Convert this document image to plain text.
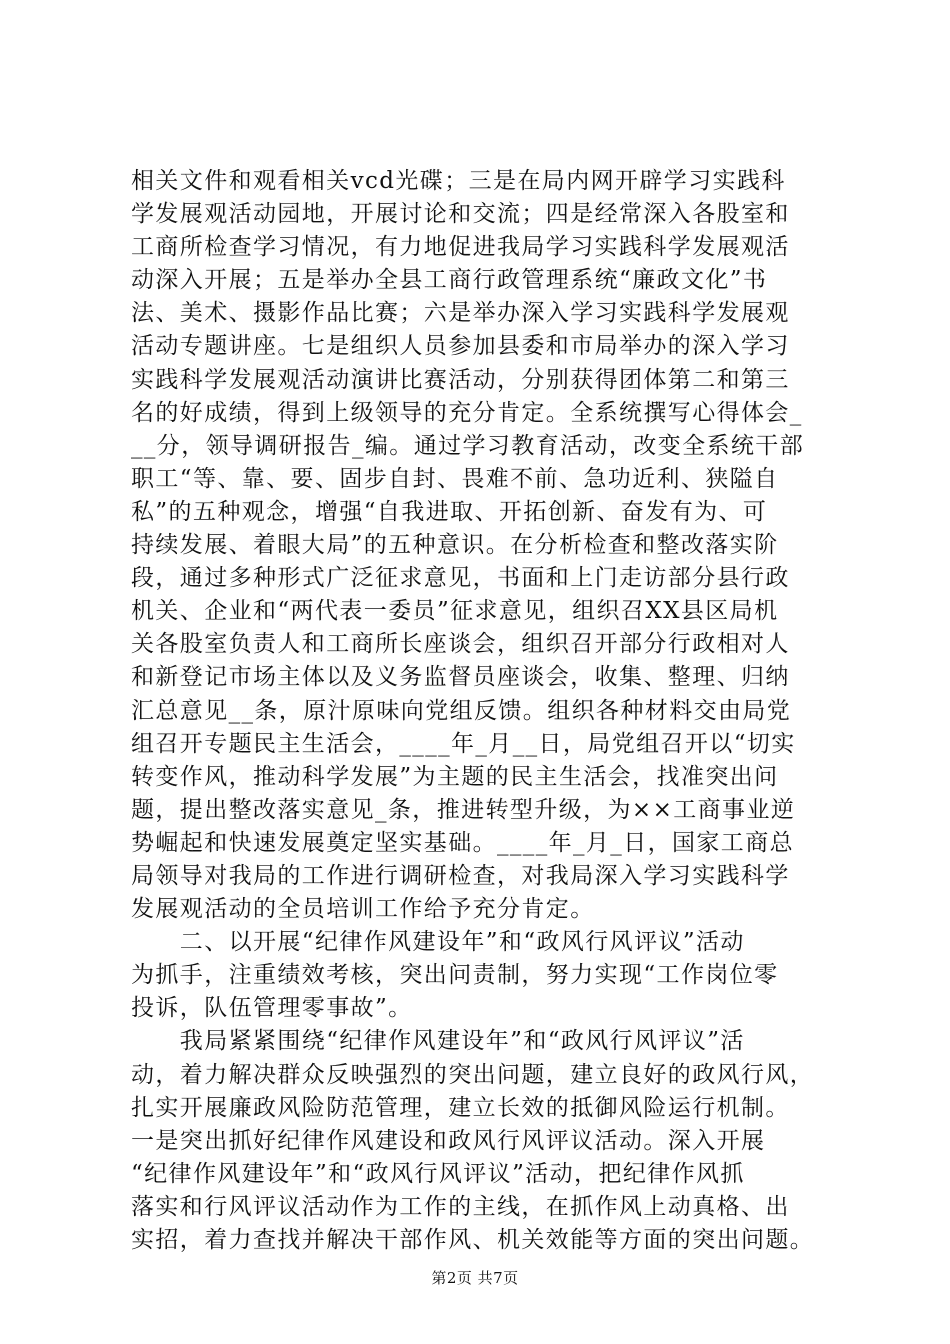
相关文件和观看相关vcd光碟；三是在局内网开辟学习实践科
学发展观活动园地，开展讨论和交流；四是经常深入各股室和
工商所检查学习情况，有力地促进我局学习实践科学发展观活
动深入开展；五是举办全县工商行政管理系统“廉政文化”书
法、美术、摄影作品比赛；六是举办深入学习实践科学发展观
活动专题讲座。七是组织人员参加县委和市局举办的深入学习
实践科学发展观活动演讲比赛活动，分别获得团体第二和第三
名的好成绩，得到上级领导的充分肯定。全系统撰写心得体会_
__分，领导调研报告_编。通过学习教育活动，改变全系统干部
职工“等、靠、要、固步自封、畏难不前、急功近利、狭隘自
私”的五种观念，增强“自我进取、开拓创新、奋发有为、可
持续发展、着眼大局”的五种意识。在分析检查和整改落实阶
段，通过多种形式广泛征求意见，书面和上门走访部分县行政
机关、企业和“两代表一委员”征求意见，组织召XX县区局机
关各股室负责人和工商所长座谈会，组织召开部分行政相对人
和新登记市场主体以及义务监督员座谈会，收集、整理、归纳
汇总意见__条，原汁原味向党组反馈。组织各种材料交由局党
组召开专题民主生活会，____年_月__日，局党组召开以“切实
转变作风，推动科学发展”为主题的民主生活会，找准突出问
题，提出整改落实意见_条，推进转型升级，为××工商事业逆
势崛起和快速发展奠定坚实基础。____年_月_日，国家工商总
局领导对我局的工作进行调研检查，对我局深入学习实践科学
发展观活动的全员培训工作给予充分肯定。
　　二、以开展“纪律作风建设年”和“政风行风评议”活动
为抓手，注重绩效考核，突出问责制，努力实现“工作岗位零
投诉，队伍管理零事故”。
　　我局紧紧围绕“纪律作风建设年”和“政风行风评议”活
动，着力解决群众反映强烈的突出问题，建立良好的政风行风，
扎实开展廉政风险防范管理，建立长效的抵御风险运行机制。
一是突出抓好纪律作风建设和政风行风评议活动。深入开展
“纪律作风建设年”和“政风行风评议”活动，把纪律作风抓
落实和行风评议活动作为工作的主线，在抓作风上动真格、出
实招，着力查找并解决干部作风、机关效能等方面的突出问题。
第2页 共7页
